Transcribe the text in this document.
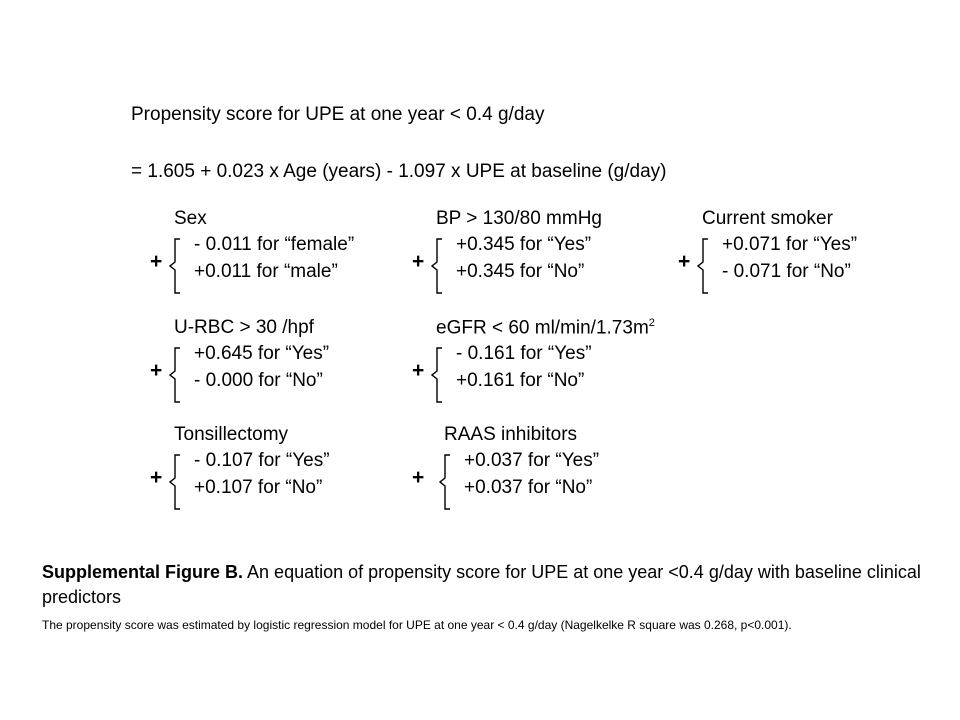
Propensity score for UPE at one year < 0.4 g/day
= 1.605 + 0.023 x Age (years) - 1.097 x UPE at baseline (g/day)
Sex
+
- 0.011 for “female”
+0.011 for “male”
BP > 130/80 mmHg
+
+0.345 for “Yes”
+0.345 for “No”
Current smoker
+
+0.071 for “Yes”
- 0.071 for “No”
U-RBC > 30 /hpf
+
+0.645 for “Yes”
- 0.000 for “No”
eGFR < 60 $ml/\min/1.73m^2$
+
- 0.161 for “Yes”
+0.161 for “No”
Tonsillectomy
+
- 0.107 for “Yes”
+0.107 for “No”
RAAS inhibitors
+
+0.037 for “Yes”
+0.037 for “No”
Supplemental Figure B. An equation of propensity score for UPE at one year <0.4 g/day with baseline clinical predictors
The propensity score was estimated by logistic regression model for UPE at one year < 0.4 g/day (Nagelkelke R square was 0.268, p<0.001).
